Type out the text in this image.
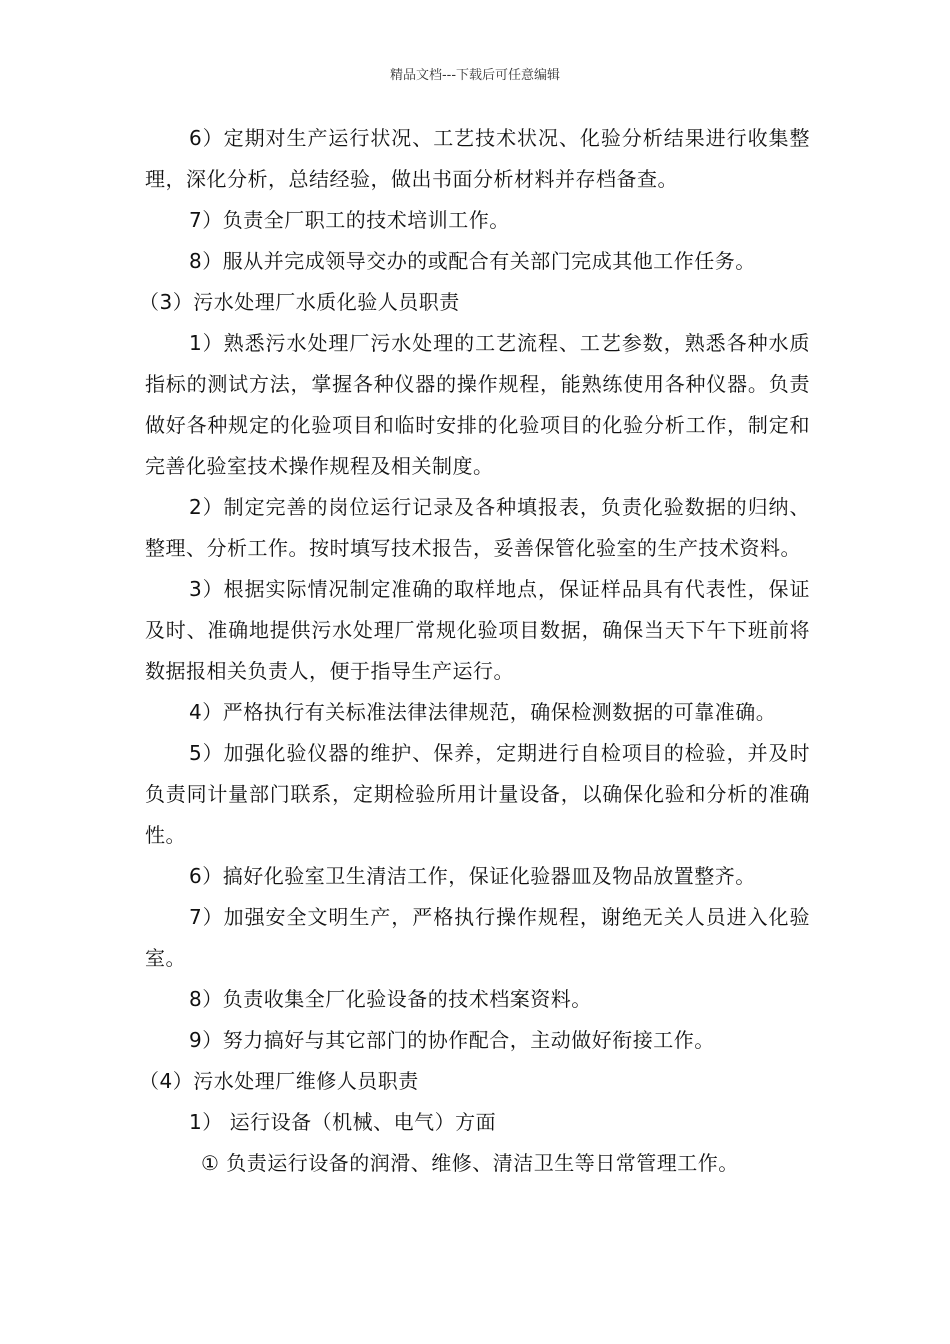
精品文档---下载后可任意编辑

6）定期对生产运行状况、工艺技术状况、化验分析结果进行收集整理，深化分析，总结经验，做出书面分析材料并存档备查。

7）负责全厂职工的技术培训工作。

8）服从并完成领导交办的或配合有关部门完成其他工作任务。

（3）污水处理厂水质化验人员职责

1）熟悉污水处理厂污水处理的工艺流程、工艺参数，熟悉各种水质指标的测试方法，掌握各种仪器的操作规程，能熟练使用各种仪器。负责做好各种规定的化验项目和临时安排的化验项目的化验分析工作，制定和完善化验室技术操作规程及相关制度。

2）制定完善的岗位运行记录及各种填报表，负责化验数据的归纳、整理、分析工作。按时填写技术报告，妥善保管化验室的生产技术资料。

3）根据实际情况制定准确的取样地点，保证样品具有代表性，保证及时、准确地提供污水处理厂常规化验项目数据，确保当天下午下班前将数据报相关负责人，便于指导生产运行。

4）严格执行有关标准法律法律规范，确保检测数据的可靠准确。

5）加强化验仪器的维护、保养，定期进行自检项目的检验，并及时负责同计量部门联系，定期检验所用计量设备，以确保化验和分析的准确性。

6）搞好化验室卫生清洁工作，保证化验器皿及物品放置整齐。

7）加强安全文明生产，严格执行操作规程，谢绝无关人员进入化验室。

8）负责收集全厂化验设备的技术档案资料。

9）努力搞好与其它部门的协作配合，主动做好衔接工作。

（4）污水处理厂维修人员职责

1） 运行设备（机械、电气）方面

① 负责运行设备的润滑、维修、清洁卫生等日常管理工作。
